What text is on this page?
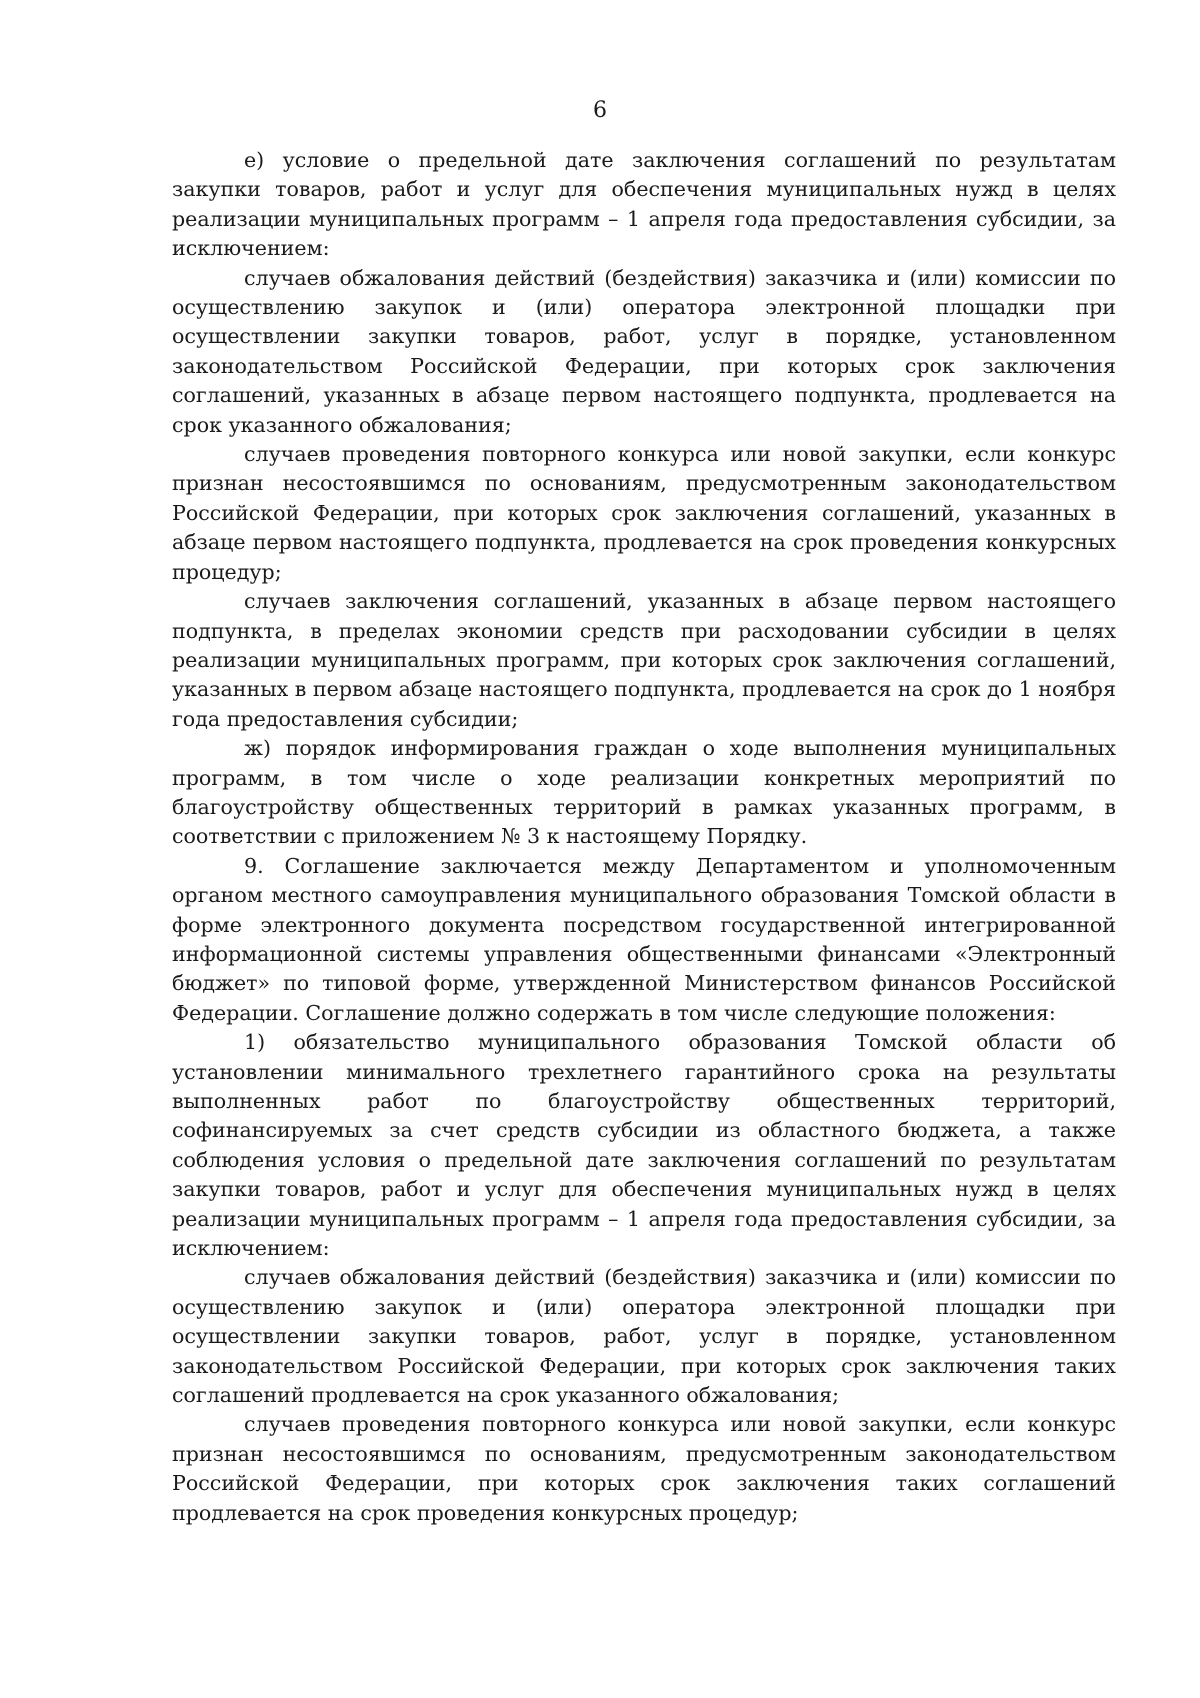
6

е) условие о предельной дате заключения соглашений по результатам закупки товаров, работ и услуг для обеспечения муниципальных нужд в целях реализации муниципальных программ – 1 апреля года предоставления субсидии, за исключением:

случаев обжалования действий (бездействия) заказчика и (или) комиссии по осуществлению закупок и (или) оператора электронной площадки при осуществлении закупки товаров, работ, услуг в порядке, установленном законодательством Российской Федерации, при которых срок заключения соглашений, указанных в абзаце первом настоящего подпункта, продлевается на срок указанного обжалования;

случаев проведения повторного конкурса или новой закупки, если конкурс признан несостоявшимся по основаниям, предусмотренным законодательством Российской Федерации, при которых срок заключения соглашений, указанных в абзаце первом настоящего подпункта, продлевается на срок проведения конкурсных процедур;

случаев заключения соглашений, указанных в абзаце первом настоящего подпункта, в пределах экономии средств при расходовании субсидии в целях реализации муниципальных программ, при которых срок заключения соглашений, указанных в первом абзаце настоящего подпункта, продлевается на срок до 1 ноября года предоставления субсидии;

ж) порядок информирования граждан о ходе выполнения муниципальных программ, в том числе о ходе реализации конкретных мероприятий по благоустройству общественных территорий в рамках указанных программ, в соответствии с приложением № 3 к настоящему Порядку.

9. Соглашение заключается между Департаментом и уполномоченным органом местного самоуправления муниципального образования Томской области в форме электронного документа посредством государственной интегрированной информационной системы управления общественными финансами «Электронный бюджет» по типовой форме, утвержденной Министерством финансов Российской Федерации. Соглашение должно содержать в том числе следующие положения:

1) обязательство муниципального образования Томской области об установлении минимального трехлетнего гарантийного срока на результаты выполненных работ по благоустройству общественных территорий, софинансируемых за счет средств субсидии из областного бюджета, а также соблюдения условия о предельной дате заключения соглашений по результатам закупки товаров, работ и услуг для обеспечения муниципальных нужд в целях реализации муниципальных программ – 1 апреля года предоставления субсидии, за исключением:

случаев обжалования действий (бездействия) заказчика и (или) комиссии по осуществлению закупок и (или) оператора электронной площадки при осуществлении закупки товаров, работ, услуг в порядке, установленном законодательством Российской Федерации, при которых срок заключения таких соглашений продлевается на срок указанного обжалования;

случаев проведения повторного конкурса или новой закупки, если конкурс признан несостоявшимся по основаниям, предусмотренным законодательством Российской Федерации, при которых срок заключения таких соглашений продлевается на срок проведения конкурсных процедур;
